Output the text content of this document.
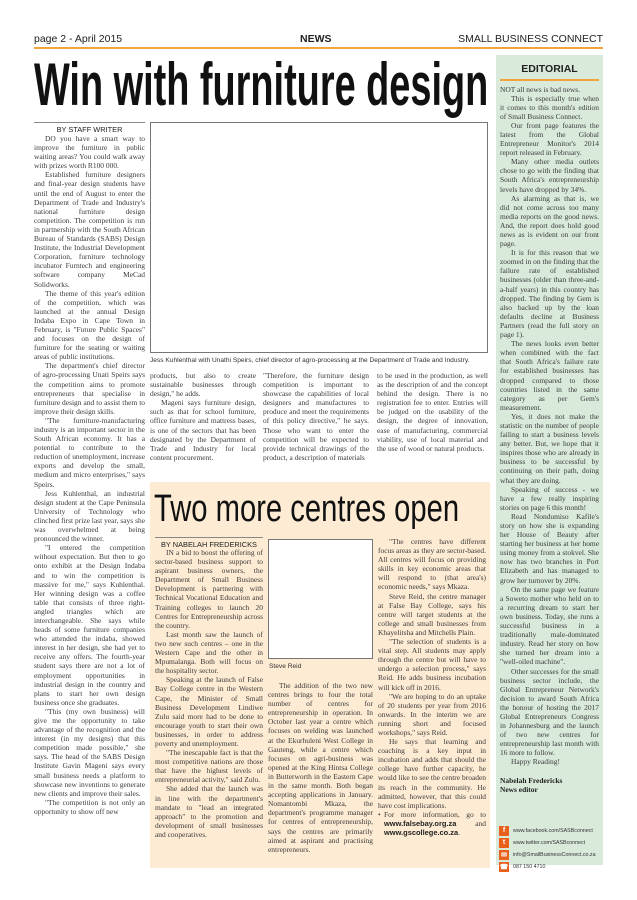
page 2 - April 2015	NEWS	SMALL BUSINESS CONNECT
Win with furniture design
BY STAFF WRITER

DO you have a smart way to improve the furniture in public waiting areas? You could walk away with prizes worth R100 000.

Established furniture designers and final-year design students have until the end of August to enter the Department of Trade and Industry's national furniture design competition. The competition is run in partnership with the South African Bureau of Standards (SABS) Design Institute, the Industrial Development Corporation, furniture technology incubator Furntech and engineering software company MeCad Solidworks.

The theme of this year's edition of the competition, which was launched at the annual Design Indaba Expo in Cape Town in February, is "Future Public Spaces" and focuses on the design of furniture for the seating or waiting areas of public institutions.

The department's chief director of agro-processing Unati Speirs says the competition aims to promote entrepreneurs that specialise in furniture design and to assist them to improve their design skills.

"The furniture-manufacturing industry is an important sector in the South African economy. It has a potential to contribute to the reduction of unemployment, increase exports and develop the small, medium and micro enterprises," says Speirs.

Jess Kuhlenthal, an industrial design student at the Cape Peninsula University of Technology who clinched first prize last year, says she was overwhelmed at being pronounced the winner.

"I entered the competition without expectation. But then to go onto exhibit at the Design Indaba and to win the competition is massive for me," says Kuhlenthal. Her winning design was a coffee table that consists of three right-angled triangles which are interchangeable. She says while heads of some furniture companies who attended the indaba, showed interest in her design, she had yet to receive any offers. The fourth-year student says there are not a lot of employment opportunities in industrial design in the country and plans to start her own design business once she graduates.

"This (my own business) will give me the opportunity to take advantage of the recognition and the interest (in my designs) that this competition made possible," she says. The head of the SABS Design Institute Gavin Mageni says every small business needs a platform to showcase new inventions to generate new clients and improve their sales.

"The competition is not only an opportunity to show off new

Jess Kuhlenthal with Unathi Speirs, chief director of agro-processing at the Department of Trade and Industry.

products, but also to create sustainable businesses through design," he adds.

Mageni says furniture design, such as that for school furniture, office furniture and mattress bases, is one of the sectors that has been designated by the Department of Trade and Industry for local content procurement.

"Therefore, the furniture design competition is important to showcase the capabilities of local designers and manufactures to produce and meet the requirements of this policy directive," he says. Those who want to enter the competition will be expected to provide technical drawings of the product, a description of materials

to be used in the production, as well as the description of and the concept behind the design. There is no registration fee to enter. Entries will be judged on the usability of the design, the degree of innovation, ease of manufacturing, commercial viability, use of local material and the use of wood or natural products.

Two more centres open
BY NABELAH FREDERICKS

IN a bid to boost the offering of sector-based business support to aspirant business owners, the Department of Small Business Development is partnering with Technical Vocational Education and Training colleges to launch 20 Centres for Entrepreneurship across the country.

Last month saw the launch of two new such centres – one in the Western Cape and the other in Mpumalanga. Both will focus on the hospitality sector.

Speaking at the launch of False Bay College centre in the Western Cape, the Minister of Small Business Development Lindiwe Zulu said more had to be done to encourage youth to start their own businesses, in order to address poverty and unemployment.

"The inescapable fact is that the most competitive nations are those that have the highest levels of entrepreneurial activity," said Zulu.

She added that the launch was in line with the department's mandate to "lead an integrated approach" to the promotion and development of small businesses and cooperatives.

Steve Reid

The addition of the two new centres brings to four the total number of centres for entrepreneurship in operation. In October last year a centre which focuses on welding was launched at the Ekurhuleni West College in Gauteng, while a centre which focuses on agri-business was opened at the King Hintsa College in Butterworth in the Eastern Cape in the same month. Both began accepting applications in January. Nomantombi Mkaza, the department's programme manager for centres of entrepreneurship, says the centres are primarily aimed at aspirant and practising entrepreneurs.

"The centres have different focus areas as they are sector-based. All centres will focus on providing skills in key economic areas that will respond to (that area's) economic needs," says Mkaza.

Steve Reid, the centre manager at False Bay College, says his centre will target students at the college and small businesses from Khayelitsha and Mitchells Plain.

"The selection of students is a vital step. All students may apply through the centre but will have to undergo a selection process," says Reid. He adds business incubation will kick off in 2016.

"We are hoping to do an uptake of 20 students per year from 2016 onwards. In the interim we are running short and focused workshops," says Reid.

He says that learning and coaching is a key input in incubation and adds that should the college have further capacity, he would like to see the centre broaden its reach in the community. He admitted, however, that this could have cost implications.

• For more information, go to www.falsebay.org.za	and www.gscollege.co.za.

EDITORIAL

NOT all news is bad news.

This is especially true when it comes to this month's edition of Small Business Connect.

Our front page features the latest from the Global Entrepreneur Monitor's 2014 report released in February.

Many other media outlets chose to go with the finding that South Africa's entrepreneurship levels have dropped by 34%.

As alarming as that is, we did not come across too many media reports on the good news. And, the report does hold good news as is evident on our front page.

It is for this reason that we zoomed in on the finding that the failure rate of established businesses (older than three-and-a-half years) in this country has dropped. The finding by Gem is also backed up by the loan defaults decline at Business Partners (read the full story on page 1).

The news looks even better when combined with the fact that South Africa's failure rate for established businesses has dropped compared to those countries listed in the same category as per Gem's measurement.

Yes, it does not make the statistic on the number of people failing to start a business levels any better. But, we hope that it inspires those who are already in business to be successful by continuing on their path, doing what they are doing.

Speaking of success - we have a few really inspiring stories on page 6 this month!

Read Nondumiso Kafile's story on how she is expanding her House of Beauty after starting her business at her home using money from a stokvel. She now has two branches in Port Elizabeth and has managed to grow her turnover by 20%.

On the same page we feature a Soweto mother who held on to a recurring dream to start her own business. Today, she runs a successful business in a traditionally male-dominated industry. Read her story on how she turned her dream into a "well-oiled machine".

Other successes for the small business sector include, the Global Entrepreneur Network's decision to award South Africa the honour of hosting the 2017 Global Entrepreneurs Congress in Johannesburg and the launch of two new centres for entrepreneurship last month with 16 more to follow.

Happy Reading!

Nabelah Fredericks

News editor

f	www.facebook.com/SASBconnect
t	www.twitter.com/SASBconnect
✉	info@SmallBusinessConnect.co.za
☎ 087 150 4710
